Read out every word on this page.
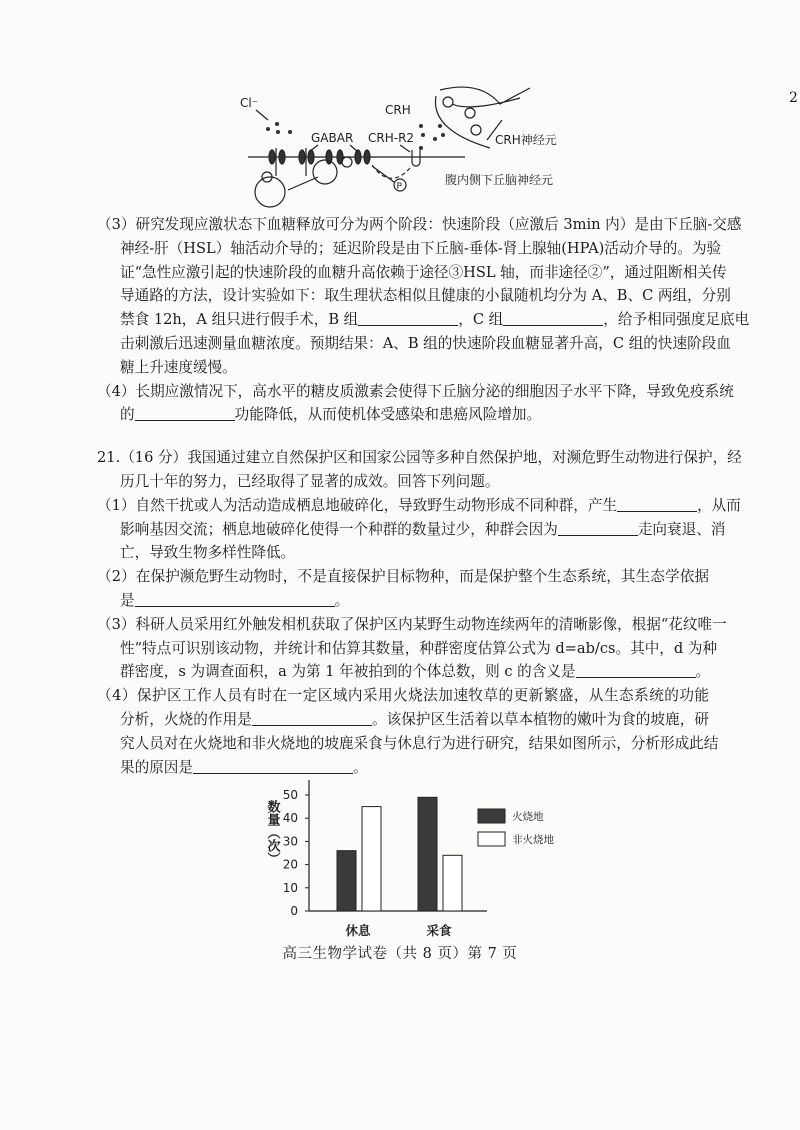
2
Cl⁻
GABAR CRH-R2
P
CRH
CRH神经元
腹内侧下丘脑神经元
数量（次）
0
10
20
30
40
50
休息	采食
火烧地
非火烧地
（3）研究发现应激状态下血糖释放可分为两个阶段：快速阶段（应激后 3min 内）是由下丘脑-交感
神经-肝（HSL）轴活动介导的；延迟阶段是由下丘脑-垂体-肾上腺轴(HPA)活动介导的。为验
证“急性应激引起的快速阶段的血糖升高依赖于途径③HSL 轴，而非途径②”，通过阻断相关传
导通路的方法，设计实验如下：取生理状态相似且健康的小鼠随机均分为 A、B、C 两组，分别
禁食 12h，A 组只进行假手术，B 组	，C 组	，给予相同强度足底电
击刺激后迅速测量血糖浓度。预期结果：A、B 组的快速阶段血糖显著升高，C 组的快速阶段血
糖上升速度缓慢。
（4）长期应激情况下，高水平的糖皮质激素会使得下丘脑分泌的细胞因子水平下降，导致免疫系统
的	功能降低，从而使机体受感染和患癌风险增加。
21.（16 分）我国通过建立自然保护区和国家公园等多种自然保护地，对濒危野生动物进行保护，经
历几十年的努力，已经取得了显著的成效。回答下列问题。
（1）自然干扰或人为活动造成栖息地破碎化，导致野生动物形成不同种群，产生	，从而
影响基因交流；栖息地破碎化使得一个种群的数量过少，种群会因为	走向衰退、消
亡，导致生物多样性降低。
（2）在保护濒危野生动物时，不是直接保护目标物种，而是保护整个生态系统，其生态学依据
是	。
（3）科研人员采用红外触发相机获取了保护区内某野生动物连续两年的清晰影像，根据“花纹唯一
性”特点可识别该动物，并统计和估算其数量，种群密度估算公式为 d=ab/cs。其中，d 为种
群密度，s 为调查面积，a 为第 1 年被拍到的个体总数，则 c 的含义是	。
（4）保护区工作人员有时在一定区域内采用火烧法加速牧草的更新繁盛，从生态系统的功能
分析，火烧的作用是	。该保护区生活着以草本植物的嫩叶为食的坡鹿，研
究人员对在火烧地和非火烧地的坡鹿采食与休息行为进行研究，结果如图所示，分析形成此结
果的原因是	。
高三生物学试卷（共 8 页）第 7 页
